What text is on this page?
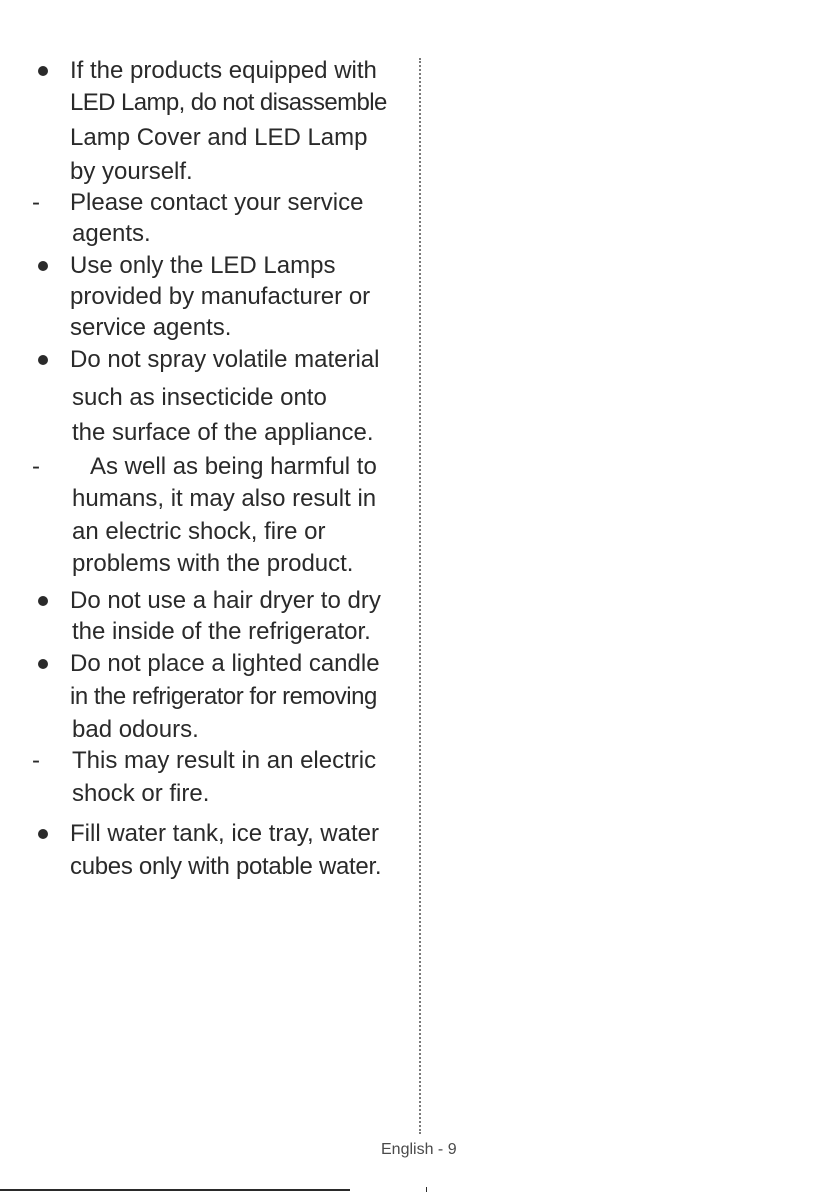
If the products equipped with
LED Lamp, do not disassemble
Lamp Cover and LED Lamp
by yourself.
- Please contact your service
agents.
Use only the LED Lamps
provided by manufacturer or
service agents.
Do not spray volatile material
such as insecticide onto
the surface of the appliance.
- As well as being harmful to
humans, it may also result in
an electric shock, fire or
problems with the product.
Do not use a hair dryer to dry
the inside of the refrigerator.
Do not place a lighted candle
in the refrigerator for removing
bad odours.
- This may result in an electric
shock or fire.
Fill water tank, ice tray, water
cubes only with potable water.
English - 9
